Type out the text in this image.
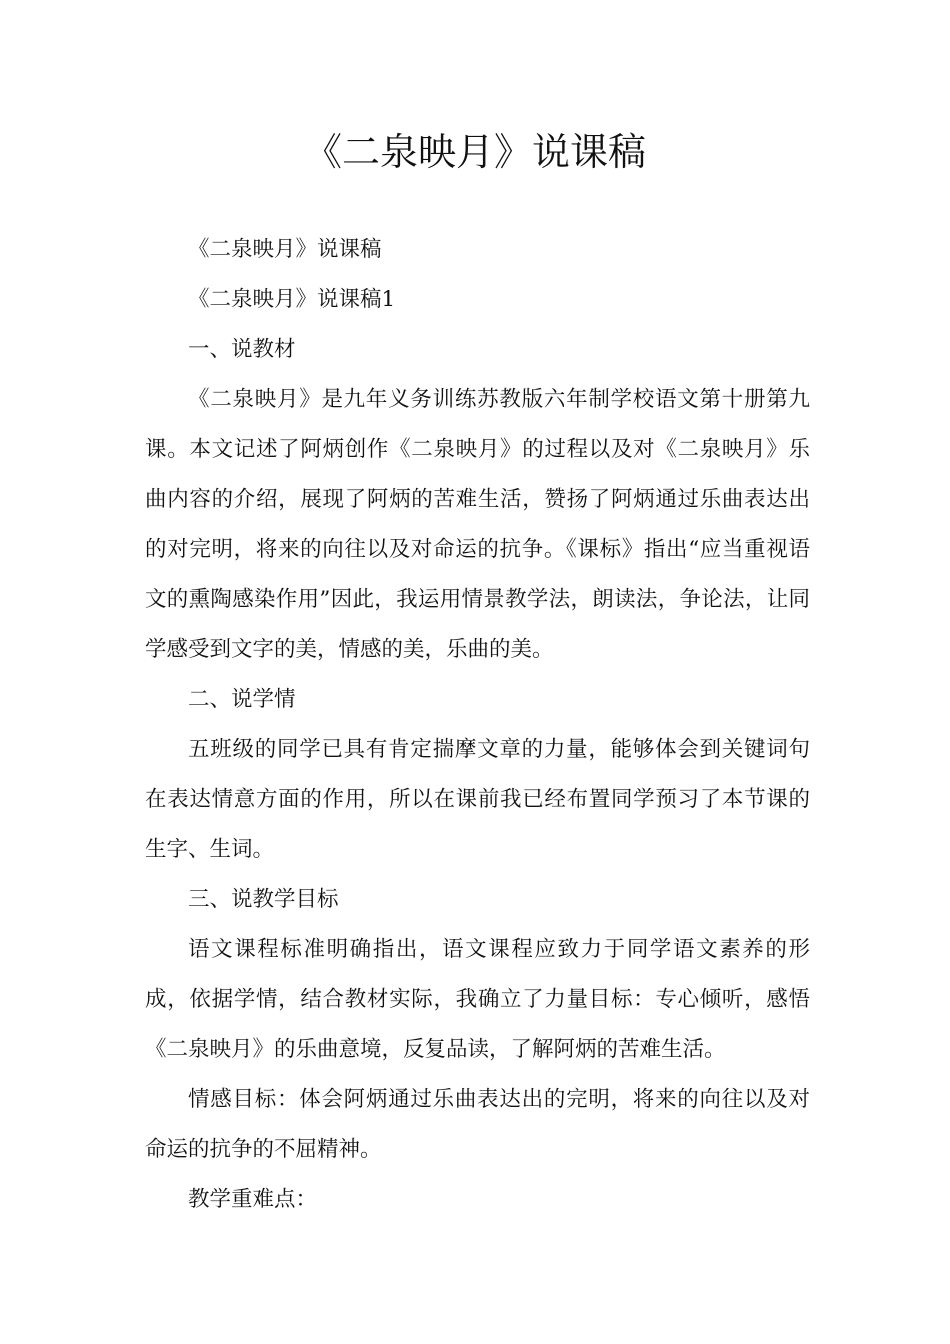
《二泉映月》说课稿

《二泉映月》说课稿

《二泉映月》说课稿1

一、说教材

《二泉映月》是九年义务训练苏教版六年制学校语文第十册第九课。本文记述了阿炳创作《二泉映月》的过程以及对《二泉映月》乐曲内容的介绍，展现了阿炳的苦难生活，赞扬了阿炳通过乐曲表达出的对完明，将来的向往以及对命运的抗争。《课标》指出“应当重视语文的熏陶感染作用”因此，我运用情景教学法，朗读法，争论法，让同学感受到文字的美，情感的美，乐曲的美。

二、说学情

五班级的同学已具有肯定揣摩文章的力量，能够体会到关键词句在表达情意方面的作用，所以在课前我已经布置同学预习了本节课的生字、生词。

三、说教学目标

语文课程标准明确指出，语文课程应致力于同学语文素养的形成，依据学情，结合教材实际，我确立了力量目标：专心倾听，感悟《二泉映月》的乐曲意境，反复品读，了解阿炳的苦难生活。

情感目标：体会阿炳通过乐曲表达出的完明，将来的向往以及对命运的抗争的不屈精神。

教学重难点：
